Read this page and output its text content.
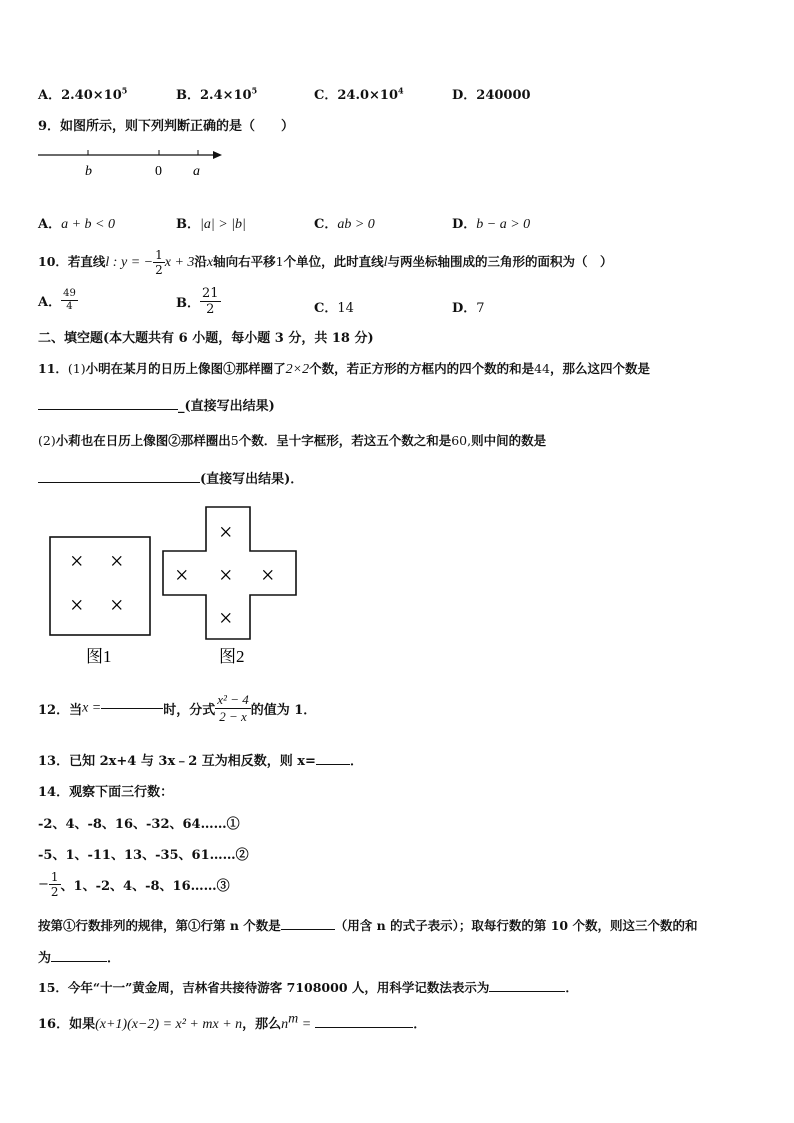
A．$2.40\times 10^5$	B．$2.4\times 10^5$	C．$24.0\times 10^4$	D．240000
9．如图所示，则下列判断正确的是（　　）
b	0 a
A．a + b < 0	B．|a| > |b|	C．ab > 0	D．b − a > 0
10．若直线l : y = − $\frac{1}{2}$ x + 3沿x轴向右平移1个单位，此时直线l与两坐标轴围成的三角形的面积为（　）
A． $\frac{49}{4}$	B． $\frac{21}{2}$	C．14	D．7
二、填空题(本大题共有 6 小题，每小题 3 分，共 18 分)
11．(1)小明在某月的日历上像图①那样圈了2×2个数，若正方形的方框内的四个数的和是44，那么这四个数是
_(直接写出结果)
(2)小莉也在日历上像图②那样圈出5个数．呈十字框形，若这五个数之和是60,则中间的数是
(直接写出结果)．
× ×
× ×
图1
×
× × ×
×
图2
12．当x =	时，分式 $\frac{\text{x² − 4}}{2 - x}$ 的值为 1．
13．已知 2x+4 与 3x﹣2 互为相反数，则 x=	．
14．观察下面三行数：
-2、4、-8、16、-32、64……①
-5、1、-11、13、-35、61……②
− $\frac{1}{2}$ 、1、-2、4、-8、16……③
按第①行数排列的规律，第①行第 n 个数是	（用含 n 的式子表示）；取每行数的第 10 个数，则这三个数的和
为	．
15．今年“十一”黄金周，吉林省共接待游客 7108000 人，用科学记数法表示为	．
16．如果(x+1)(x−2) = x² + mx + n，那么$n^m$ =	．
